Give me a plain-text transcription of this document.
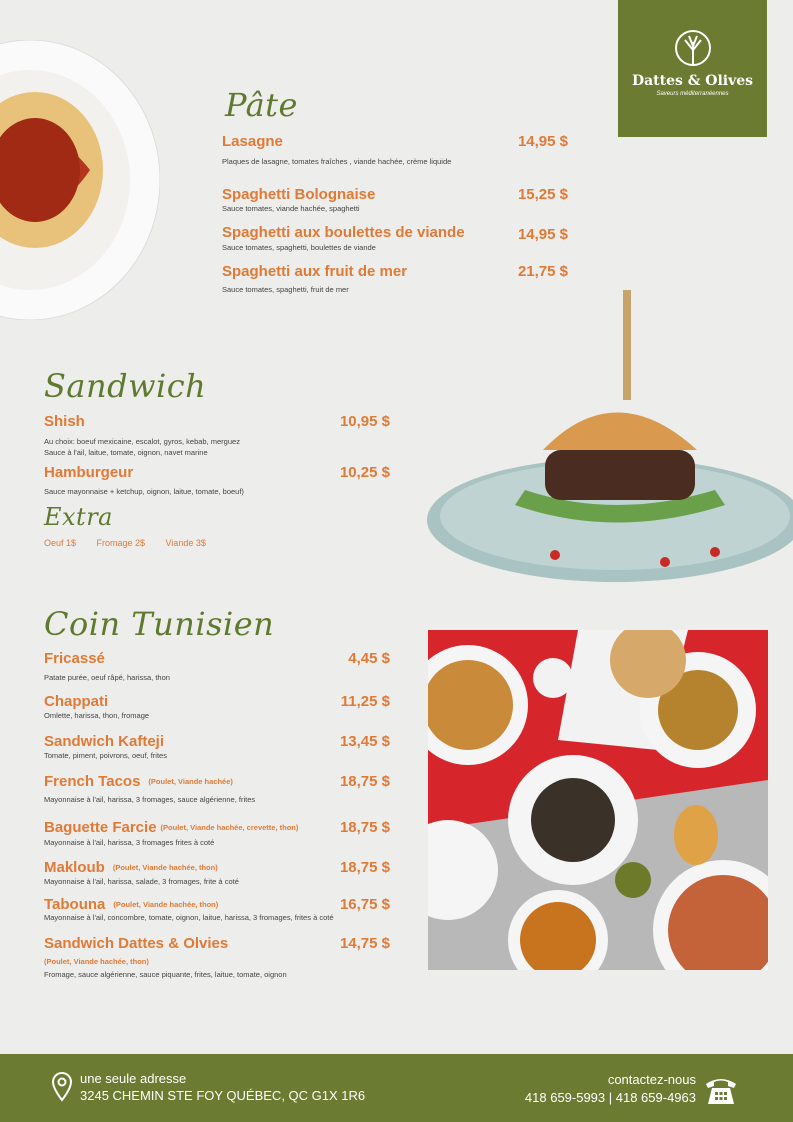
Dattes & Olives
Saveurs méditerranéennes
Pâte
Lasagne	14,95 $
Plaques de lasagne, tomates fraîches , viande hachée, crème liquide
Spaghetti Bolognaise	15,25 $
Sauce tomates, viande hachée, spaghetti
Spaghetti aux boulettes de viande	14,95 $
Sauce tomates, spaghetti, boulettes de viande
Spaghetti aux fruit de mer	21,75 $
Sauce tomates, spaghetti, fruit de mer
Sandwich
Shish	10,95 $
Au choix: boeuf mexicaine, escalot, gyros, kebab, merguez
Sauce à l'ail, laitue, tomate, oignon, navet marine
Hamburgeur	10,25 $
Sauce mayonnaise + ketchup, oignon, laitue, tomate, boeuf)
Extra
Oeuf 1$ Fromage 2$ Viande 3$
Coin Tunisien
Fricassé	4,45 $
Patate purée, oeuf râpé, harissa, thon
Chappati	11,25 $
Omlette, harissa, thon, fromage
Sandwich Kafteji	13,45 $
Tomate, piment, poivrons, oeuf, frites
French Tacos (Poulet, Viande hachée)	18,75 $
Mayonnaise à l'ail, harissa, 3 fromages, sauce algérienne, frites
Baguette Farcie (Poulet, Viande hachée, crevette, thon)	18,75 $
Mayonnaise à l'ail, harissa, 3 fromages frites à coté
Makloub (Poulet, Viande hachée, thon)	18,75 $
Mayonnaise à l'ail, harissa, salade, 3 fromages, frite à coté
Tabouna (Poulet, Viande hachée, thon)	16,75 $
Mayonnaise à l'ail, concombre, tomate, oignon, laitue, harissa, 3 fromages, frites à coté
Sandwich Dattes & Olvies	14,75 $
(Poulet, Viande hachée, thon)
Fromage, sauce algérienne, sauce piquante, frites, laitue, tomate, oignon
une seule adresse
3245 CHEMIN STE FOY QUÉBEC, QC G1X 1R6
contactez-nous
418 659-5993 | 418 659-4963
